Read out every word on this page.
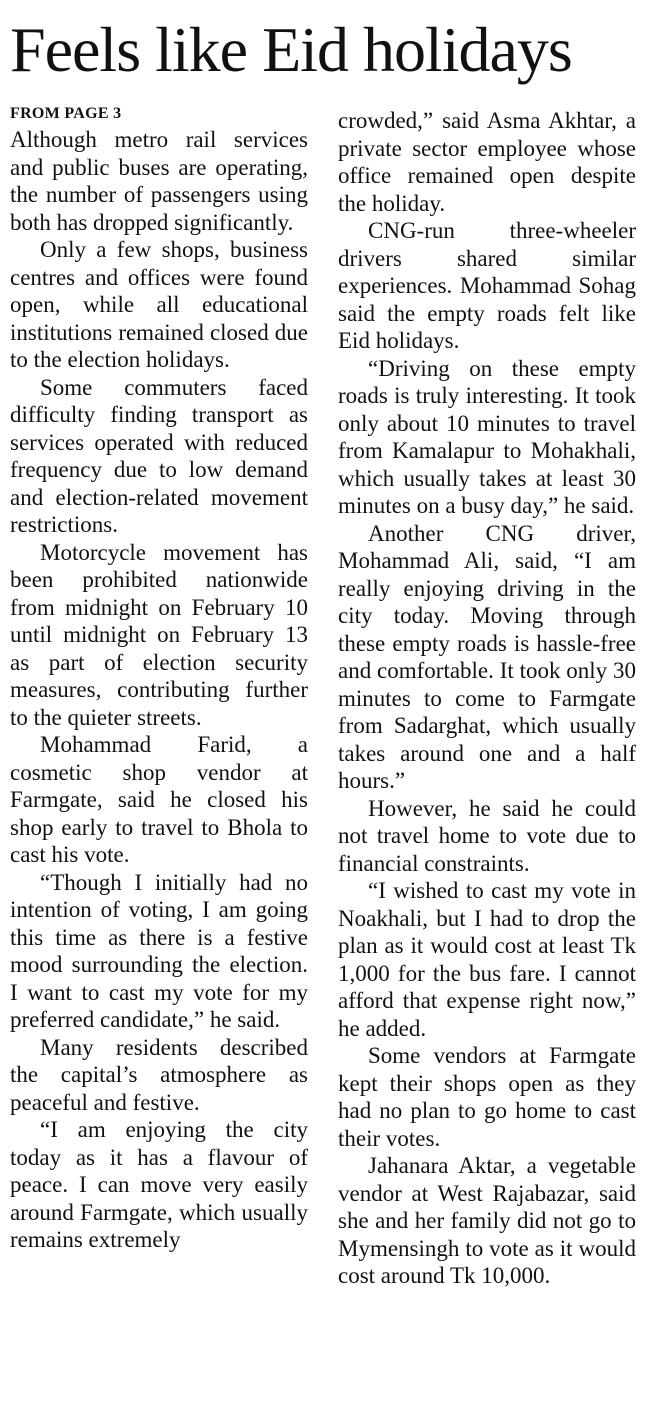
Feels like Eid holidays
FROM PAGE 3

Although metro rail services and public buses are operating, the number of passengers using both has dropped significantly.

Only a few shops, business centres and offices were found open, while all educational institutions remained closed due to the election holidays.

Some commuters faced difficulty finding transport as services operated with reduced frequency due to low demand and election-related movement restrictions.

Motorcycle movement has been prohibited nationwide from midnight on February 10 until midnight on February 13 as part of election security measures, contributing further to the quieter streets.

Mohammad Farid, a cosmetic shop vendor at Farmgate, said he closed his shop early to travel to Bhola to cast his vote.

“Though I initially had no intention of voting, I am going this time as there is a festive mood surrounding the election. I want to cast my vote for my preferred candidate,” he said.

Many residents described the capital’s atmosphere as peaceful and festive.

“I am enjoying the city today as it has a flavour of peace. I can move very easily around Farmgate, which usually remains extremely

crowded,” said Asma Akhtar, a private sector employee whose office remained open despite the holiday.

CNG-run three-wheeler drivers shared similar experiences. Mohammad Sohag said the empty roads felt like Eid holidays.

“Driving on these empty roads is truly interesting. It took only about 10 minutes to travel from Kamalapur to Mohakhali, which usually takes at least 30 minutes on a busy day,” he said.

Another CNG driver, Mohammad Ali, said, “I am really enjoying driving in the city today. Moving through these empty roads is hassle-free and comfortable. It took only 30 minutes to come to Farmgate from Sadarghat, which usually takes around one and a half hours.”

However, he said he could not travel home to vote due to financial constraints.

“I wished to cast my vote in Noakhali, but I had to drop the plan as it would cost at least Tk 1,000 for the bus fare. I cannot afford that expense right now,” he added.

Some vendors at Farmgate kept their shops open as they had no plan to go home to cast their votes.

Jahanara Aktar, a vegetable vendor at West Rajabazar, said she and her family did not go to Mymensingh to vote as it would cost around Tk 10,000.
